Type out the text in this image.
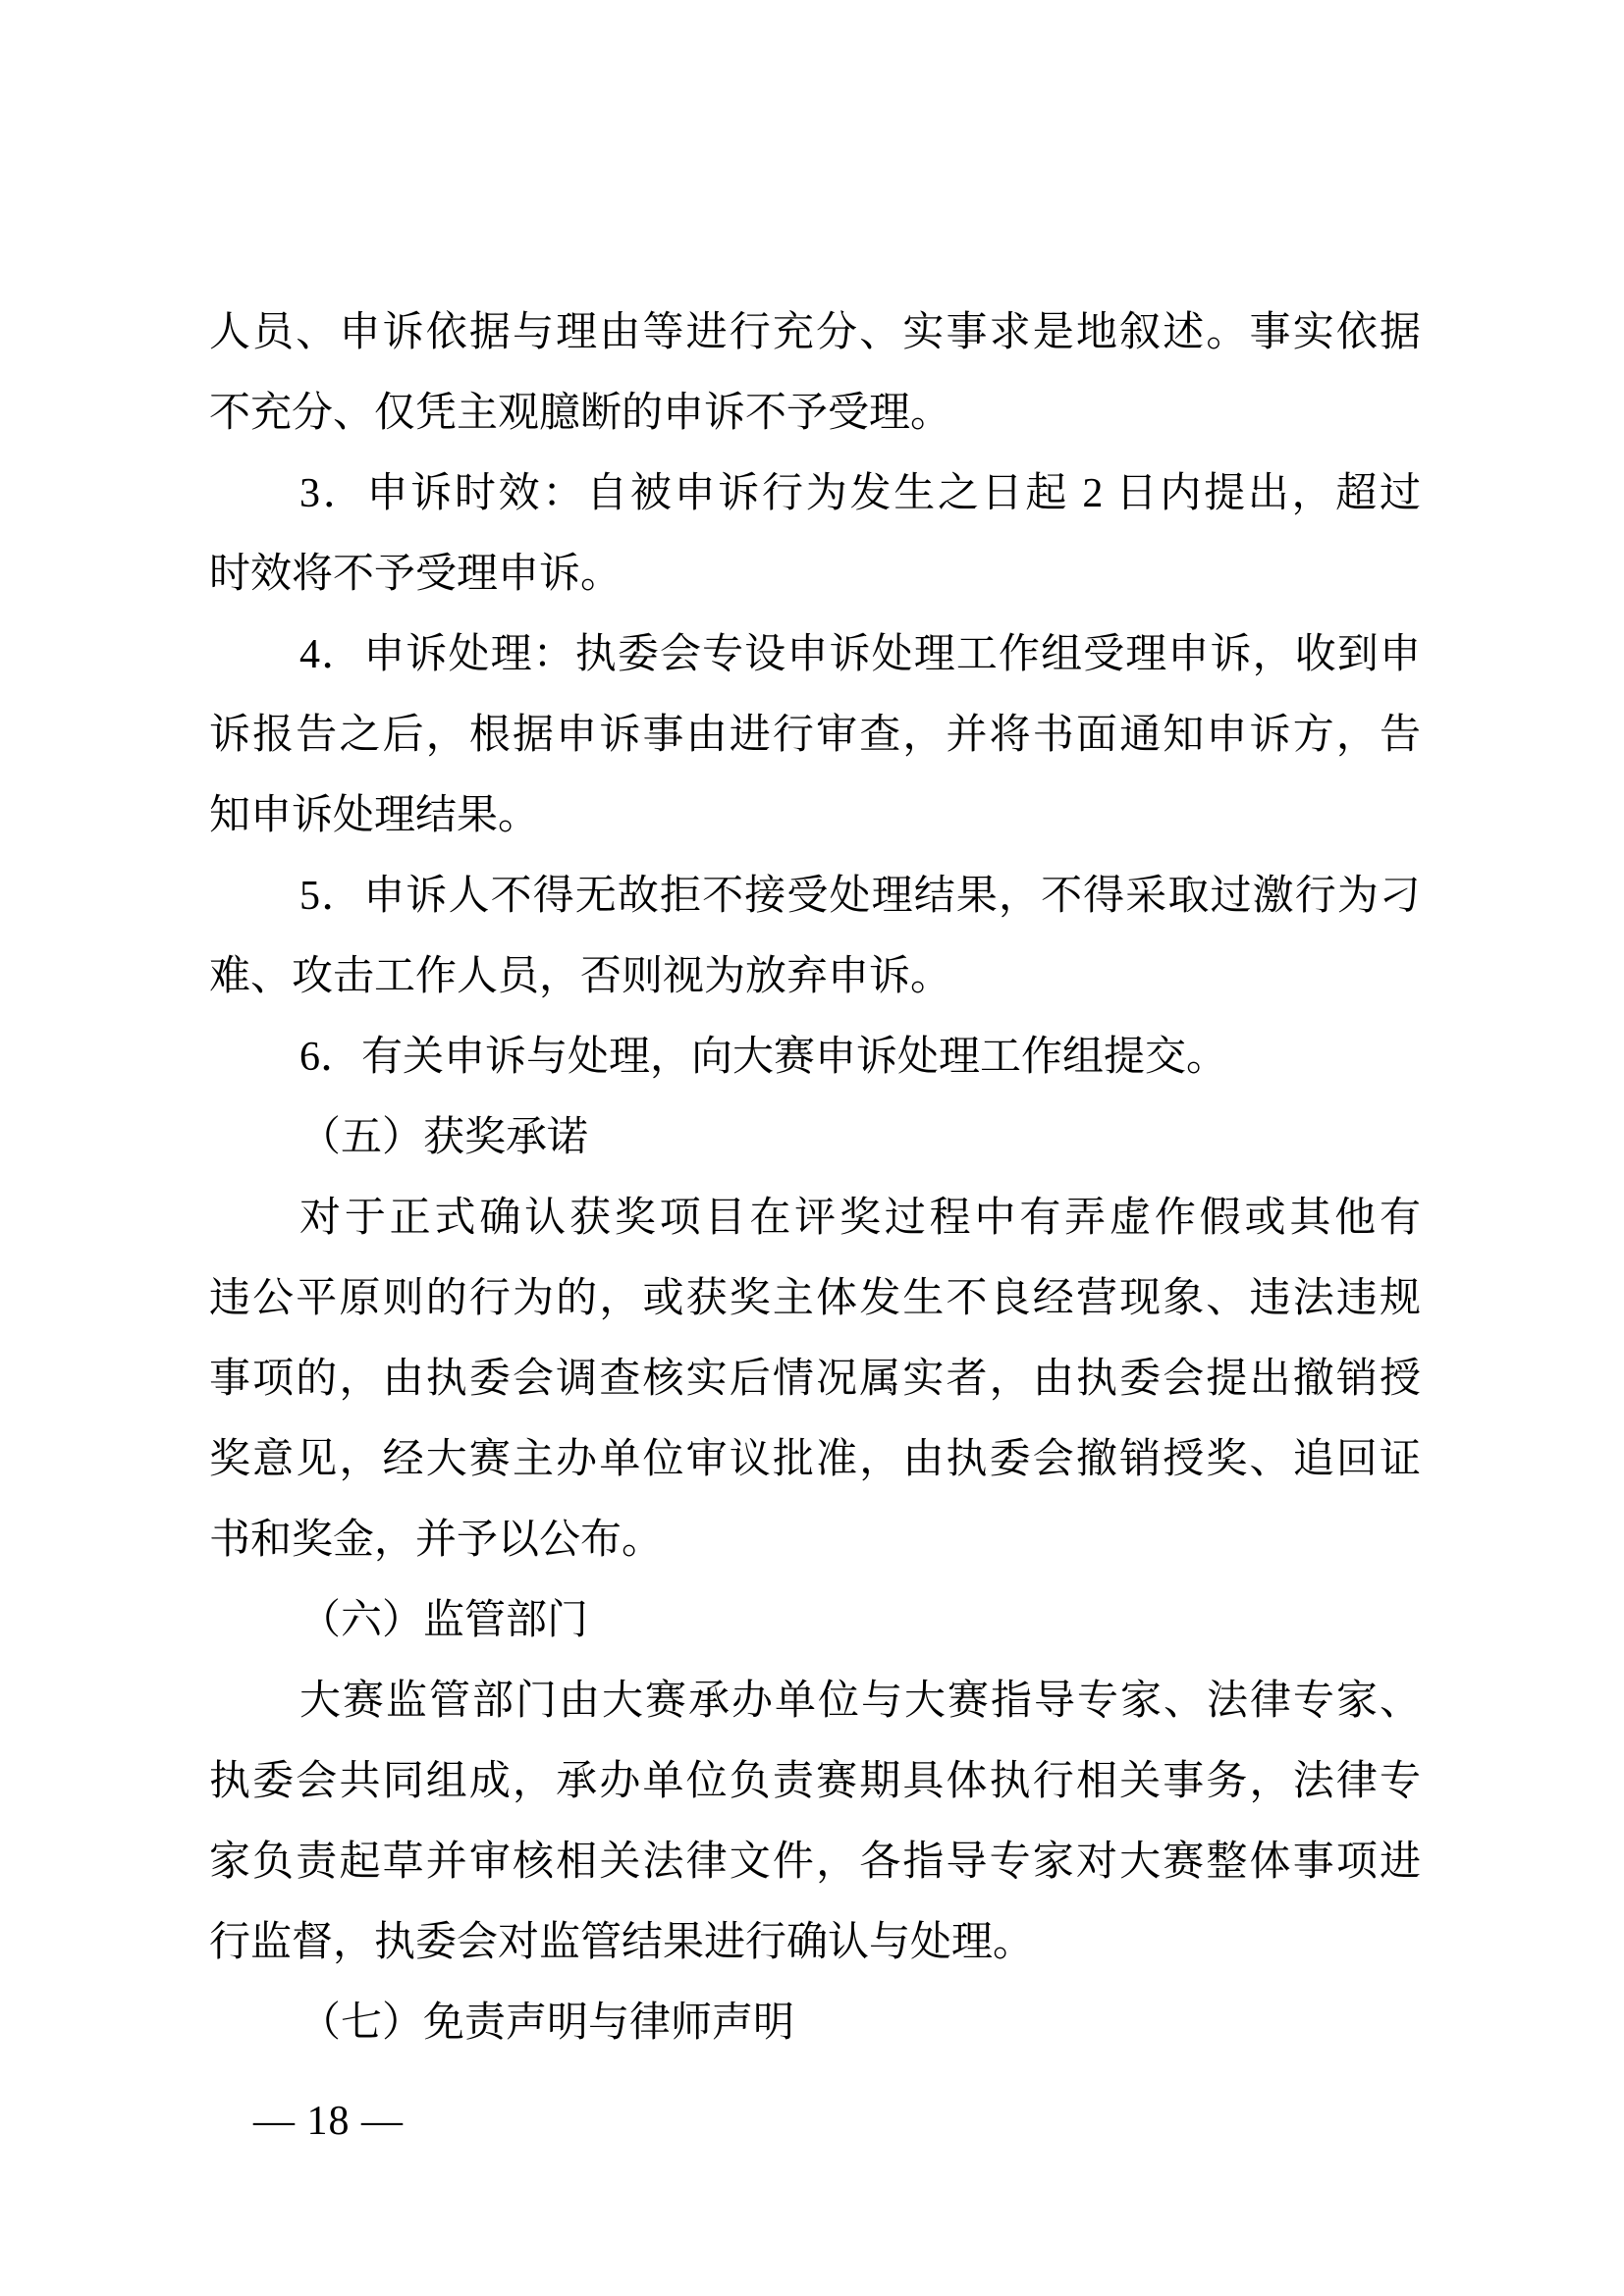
人员、申诉依据与理由等进行充分、实事求是地叙述。事实依据
不充分、仅凭主观臆断的申诉不予受理。
3．申诉时效：自被申诉行为发生之日起 2 日内提出，超过
时效将不予受理申诉。
4．申诉处理：执委会专设申诉处理工作组受理申诉，收到申
诉报告之后，根据申诉事由进行审查，并将书面通知申诉方，告
知申诉处理结果。
5．申诉人不得无故拒不接受处理结果，不得采取过激行为刁
难、攻击工作人员，否则视为放弃申诉。
6．有关申诉与处理，向大赛申诉处理工作组提交。
（五）获奖承诺
对于正式确认获奖项目在评奖过程中有弄虚作假或其他有
违公平原则的行为的，或获奖主体发生不良经营现象、违法违规
事项的，由执委会调查核实后情况属实者，由执委会提出撤销授
奖意见，经大赛主办单位审议批准，由执委会撤销授奖、追回证
书和奖金，并予以公布。
（六）监管部门
大赛监管部门由大赛承办单位与大赛指导专家、法律专家、
执委会共同组成，承办单位负责赛期具体执行相关事务，法律专
家负责起草并审核相关法律文件，各指导专家对大赛整体事项进
行监督，执委会对监管结果进行确认与处理。
（七）免责声明与律师声明
— 18 —
